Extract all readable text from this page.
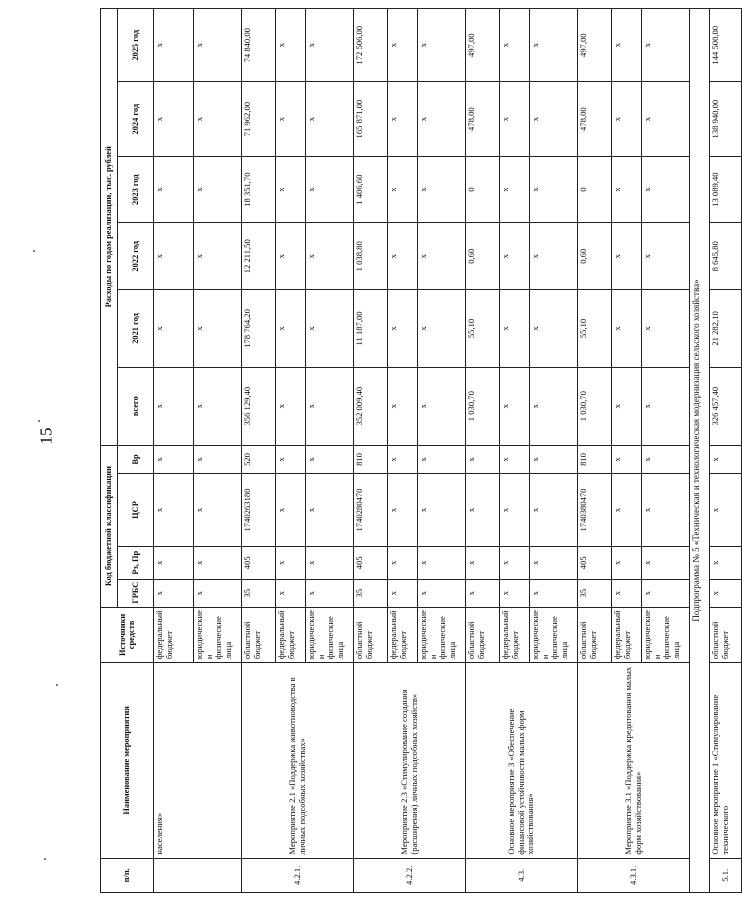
15
п/п.	Наименование мероприятия	Источники средств	Код бюджетной классификации				Расходы по годам реализации, тыс. рублей					
			ГРБС	Рз, Пр	ЦСР	Вр	всего	2021 год	2022 год	2023 год	2024 год	2025 год
	населения»	федеральный бюджет	х	х	х	х	х	х	х	х	х	х
		юридические и физические лица	х	х	х	х	х	х	х	х	х	х
4.2.1.	Мероприятие 2.1 «Поддержка животноводства в личных подсобных хозяйствах»	областной бюджет	35	405	1740263180	520	356 129,40	178 764,20	12 211,50	18 351,70	71 962,00	74 840,00
		федеральный бюджет	х	х	х	х	х	х	х	х	х	х
		юридические и физические лица	х	х	х	х	х	х	х	х	х	х
4.2.2.	Мероприятие 2.3 «Стимулирование создания (расширения) личных подсобных хозяйств»	областной бюджет	35	405	1740280470	810	352 009,40	11 187,00	1 038,80	1 406,60	165 871,00	172 506,00
		федеральный бюджет	х	х	х	х	х	х	х	х	х	х
		юридические и физические лица	х	х	х	х	х	х	х	х	х	х
4.3.	Основное мероприятие 3 «Обеспечение финансовой устойчивости малых форм хозяйствования»	областной бюджет	х	х	х	х	1 030,70	55,10	0,60	0	478,00	497,00
		федеральный бюджет	х	х	х	х	х	х	х	х	х	х
		юридические и физические лица	х	х	х	х	х	х	х	х	х	х
4.3.1.	Мероприятие 3.1 «Поддержка кредитования малых форм хозяйствования»	областной бюджет	35	405	1740380470	810	1 030,70	55,10	0,60	0	478,00	497,00
		федеральный бюджет	х	х	х	х	х	х	х	х	х	х
		юридические и физические лица	х	х	х	х	х	х	х	х	х	х
Подпрограмма № 5 «Техническая и технологическая модернизация сельского хозяйства»												
5.1.	Основное мероприятие 1 «Стимулирование технического	областной бюджет	х	х	х	х	326 457,40	21 282,10	8 645,80	13 089,40	138 940,00	144 500,00
